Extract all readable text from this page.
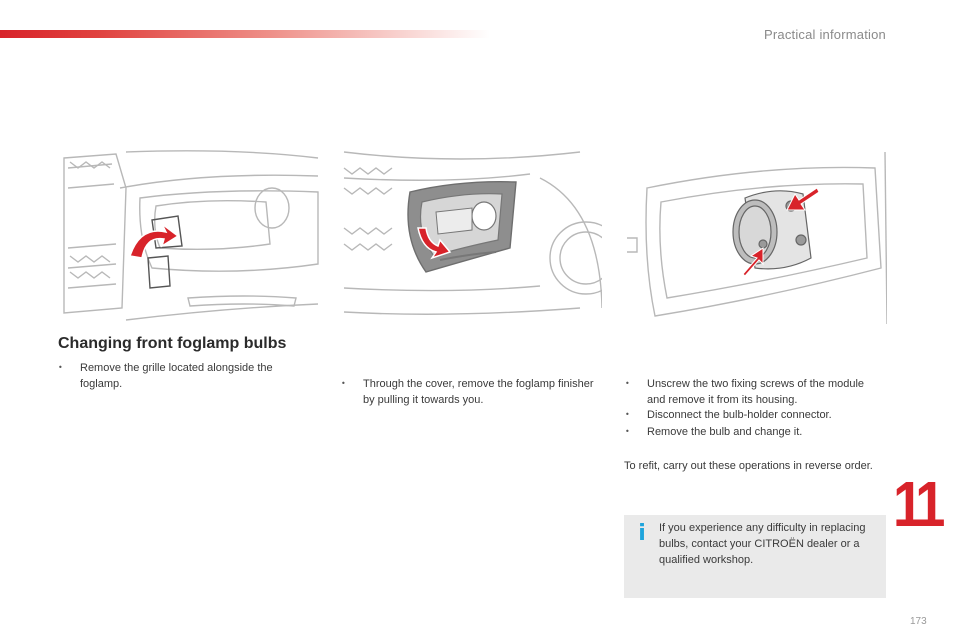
Practical information
Changing front foglamp bulbs
•	Remove the grille located alongside the foglamp.	•	Through the cover, remove the foglamp finisher by pulling it towards you.
•	Unscrew the two fixing screws of the module and remove it from its housing.
•	Disconnect the bulb-holder connector.
•	Remove the bulb and change it.
To refit, carry out these operations in reverse order.
i If you experience any difficulty in replacing bulbs, contact your CITROËN dealer or a qualified workshop.
11
173
